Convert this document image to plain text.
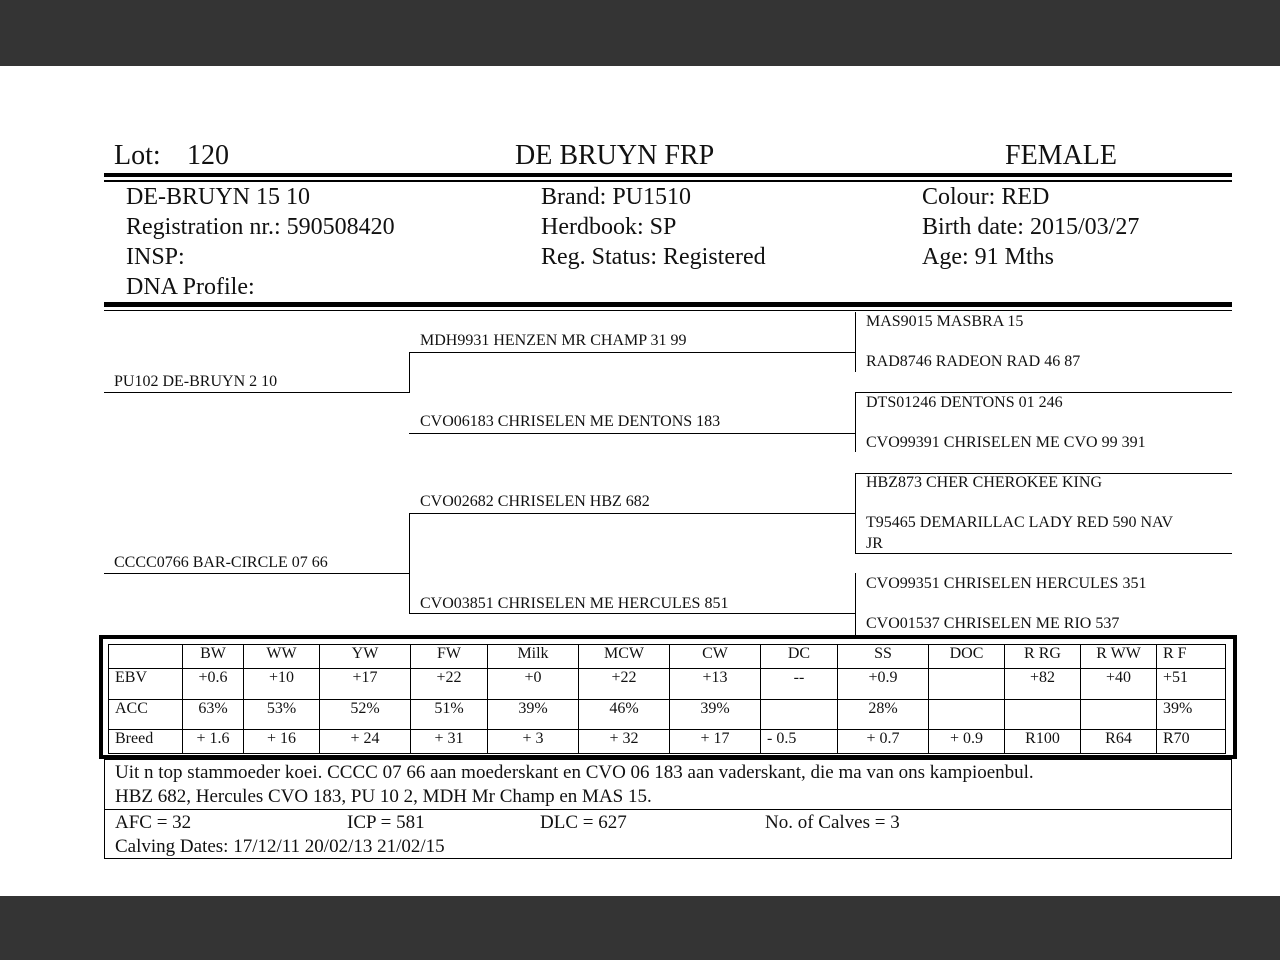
Lot: 120	DE BRUYN FRP	FEMALE
DE-BRUYN 15 10
Registration nr.: 590508420
INSP:
DNA Profile:
Brand: PU1510
Herdbook: SP
Reg. Status: Registered
Colour: RED
Birth date: 2015/03/27
Age: 91 Mths
PU102 DE-BRUYN 2 10
CCCC0766 BAR-CIRCLE 07 66
MDH9931 HENZEN MR CHAMP 31 99
CVO06183 CHRISELEN ME DENTONS 183
CVO02682 CHRISELEN HBZ 682
CVO03851 CHRISELEN ME HERCULES 851
MAS9015 MASBRA 15
RAD8746 RADEON RAD 46 87
DTS01246 DENTONS 01 246
CVO99391 CHRISELEN ME CVO 99 391
HBZ873 CHER CHEROKEE KING
T95465 DEMARILLAC LADY RED 590 NAV
JR
CVO99351 CHRISELEN HERCULES 351
CVO01537 CHRISELEN ME RIO 537
	BW	WW	YW	FW	Milk	MCW	CW	DC	SS	DOC	R RG	R WW	R F
EBV	+0.6	+10	+17	+22	+0	+22	+13	--	+0.9		+82	+40	+51
ACC	63%	53%	52%	51%	39%	46%	39%		28%				39%
Breed	+ 1.6	+ 16	+ 24	+ 31	+ 3	+ 32	+ 17	- 0.5	+ 0.7	+ 0.9	R100	R64	R70
Uit n top stammoeder koei. CCCC 07 66 aan moederskant en CVO 06 183 aan vaderskant, die ma van ons kampioenbul.
HBZ 682, Hercules CVO 183, PU 10 2, MDH Mr Champ en MAS 15.
AFC = 32	ICP = 581	DLC = 627	No. of Calves = 3
Calving Dates: 17/12/11 20/02/13 21/02/15
